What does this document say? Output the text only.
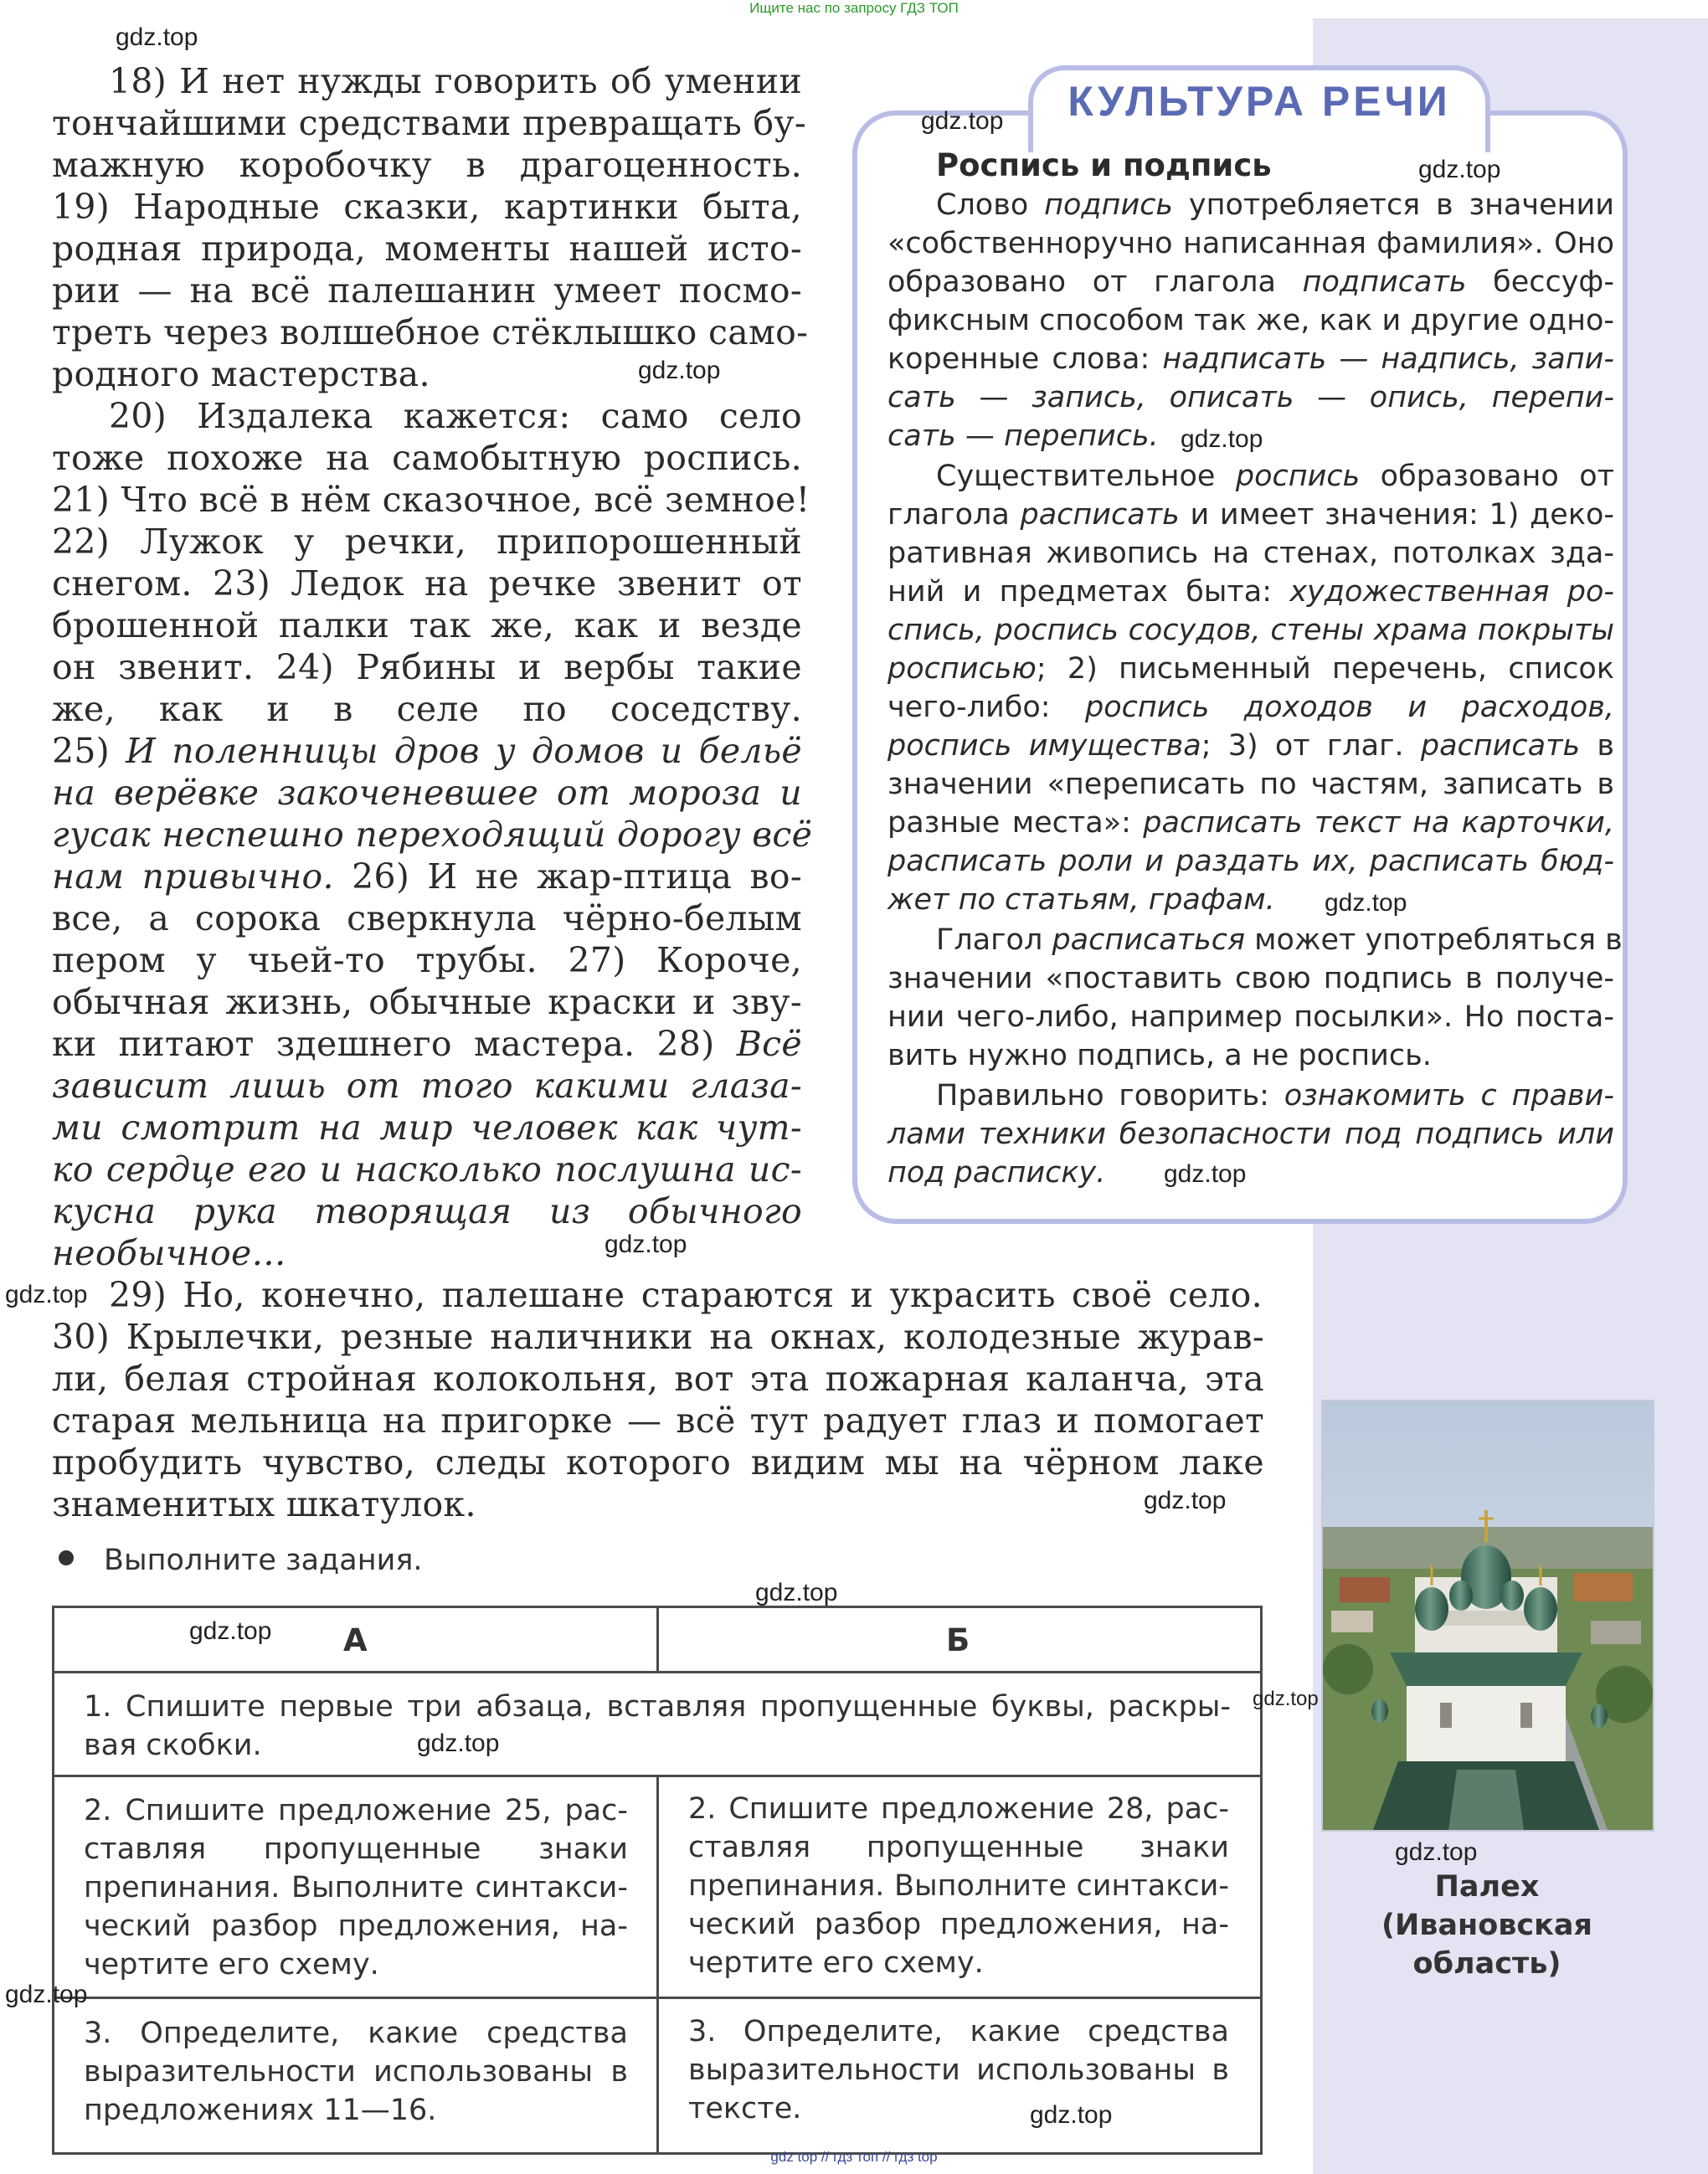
Ищите нас по запросу ГДЗ ТОП
18) И нет нужды говорить об умении
тончайшими средствами превращать бу-
мажную коробочку в драгоценность.
19) Народные сказки, картинки быта,
родная природа, моменты нашей исто-
рии — на всё палешанин умеет посмо-
треть через волшебное стёклышко само-
родного мастерства.
20) Издалека кажется: само село
тоже похоже на самобытную роспись.
21) Что всё в нём сказочное, всё земное!
22) Лужок у речки, припорошенный
снегом. 23) Ледок на речке звенит от
брошенной палки так же, как и везде
он звенит. 24) Рябины и вербы такие
же, как и в селе по соседству.
25) И поленницы дров у домов и бельё
на верёвке закоченевшее от мороза и
гусак неспешно переходящий дорогу всё
нам привычно. 26) И не жар-птица во-
все, а сорока сверкнула чёрно-белым
пером у чьей-то трубы. 27) Короче,
обычная жизнь, обычные краски и зву-
ки питают здешнего мастера. 28) Всё
зависит лишь от того какими глаза-
ми смотрит на мир человек как чут-
ко сердце его и насколько послушна ис-
кусна рука творящая из обычного
необычное…
29) Но, конечно, палешане стараются и украсить своё село.
30) Крылечки, резные наличники на окнах, колодезные журав-
ли, белая стройная колокольня, вот эта пожарная каланча, эта
старая мельница на пригорке — всё тут радует глаз и помогает
пробудить чувство, следы которого видим мы на чёрном лаке
знаменитых шкатулок.
КУЛЬТУРА РЕЧИ
Роспись и подпись
Слово подпись употребляется в значении
«собственноручно написанная фамилия». Оно
образовано от глагола подписать бессуф-
фиксным способом так же, как и другие одно-
коренные слова: надписать — надпись, запи-
сать — запись, описать — опись, перепи-
сать — перепись.
Существительное роспись образовано от
глагола расписать и имеет значения: 1) деко-
ративная живопись на стенах, потолках зда-
ний и предметах быта: художественная ро-
спись, роспись сосудов, стены храма покрыты
росписью; 2) письменный перечень, список
чего-либо: роспись доходов и расходов,
роспись имущества; 3) от глаг. расписать в
значении «переписать по частям, записать в
разные места»: расписать текст на карточки,
расписать роли и раздать их, расписать бюд-
жет по статьям, графам.
Глагол расписаться может употребляться в
значении «поставить свою подпись в получе-
нии чего-либо, например посылки». Но поста-
вить нужно подпись, а не роспись.
Правильно говорить: ознакомить с прави-
лами техники безопасности под подпись или
под расписку.
Выполните задания.
А	Б
1. Спишите первые три абзаца, вставляя пропущенные буквы, раскры-
вая скобки.
2. Спишите предложение 25, рас-
ставляя пропущенные знаки
препинания. Выполните синтакси-
ческий разбор предложения, на-
чертите его схему.
2. Спишите предложение 28, рас-
ставляя пропущенные знаки
препинания. Выполните синтакси-
ческий разбор предложения, на-
чертите его схему.
3. Определите, какие средства
выразительности использованы в
предложениях 11—16.
3. Определите, какие средства
выразительности использованы в
тексте.
Палех
(Ивановская
область)
gdz.top
gdz.top
gdz.top
gdz.top
gdz.top
gdz.top
gdz.top
gdz.top
gdz.top
gdz.top
gdz.top
gdz.top
gdz.top
gdz.top
gdz.top
gdz.top
gdz.top
gdz top // гдз топ // гдз top
